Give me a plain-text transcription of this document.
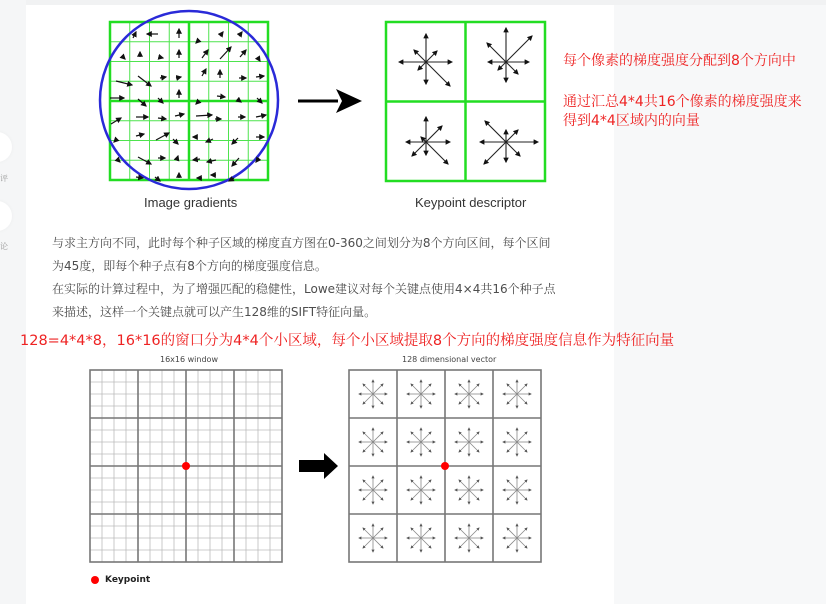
评
论
Image gradients	Keypoint descriptor
每个像素的梯度强度分配到8个方向中
通过汇总4*4共16个像素的梯度强度来
得到4*4区域内的向量
与求主方向不同，此时每个种子区域的梯度直方图在0-360之间划分为8个方向区间，每个区间
为45度，即每个种子点有8个方向的梯度强度信息。
在实际的计算过程中，为了增强匹配的稳健性，Lowe建议对每个关键点使用4×4共16个种子点
来描述，这样一个关键点就可以产生128维的SIFT特征向量。
128=4*4*8，16*16的窗口分为4*4个小区域，每个小区域提取8个方向的梯度强度信息作为特征向量
16x16 window	128 dimensional vector
Keypoint
